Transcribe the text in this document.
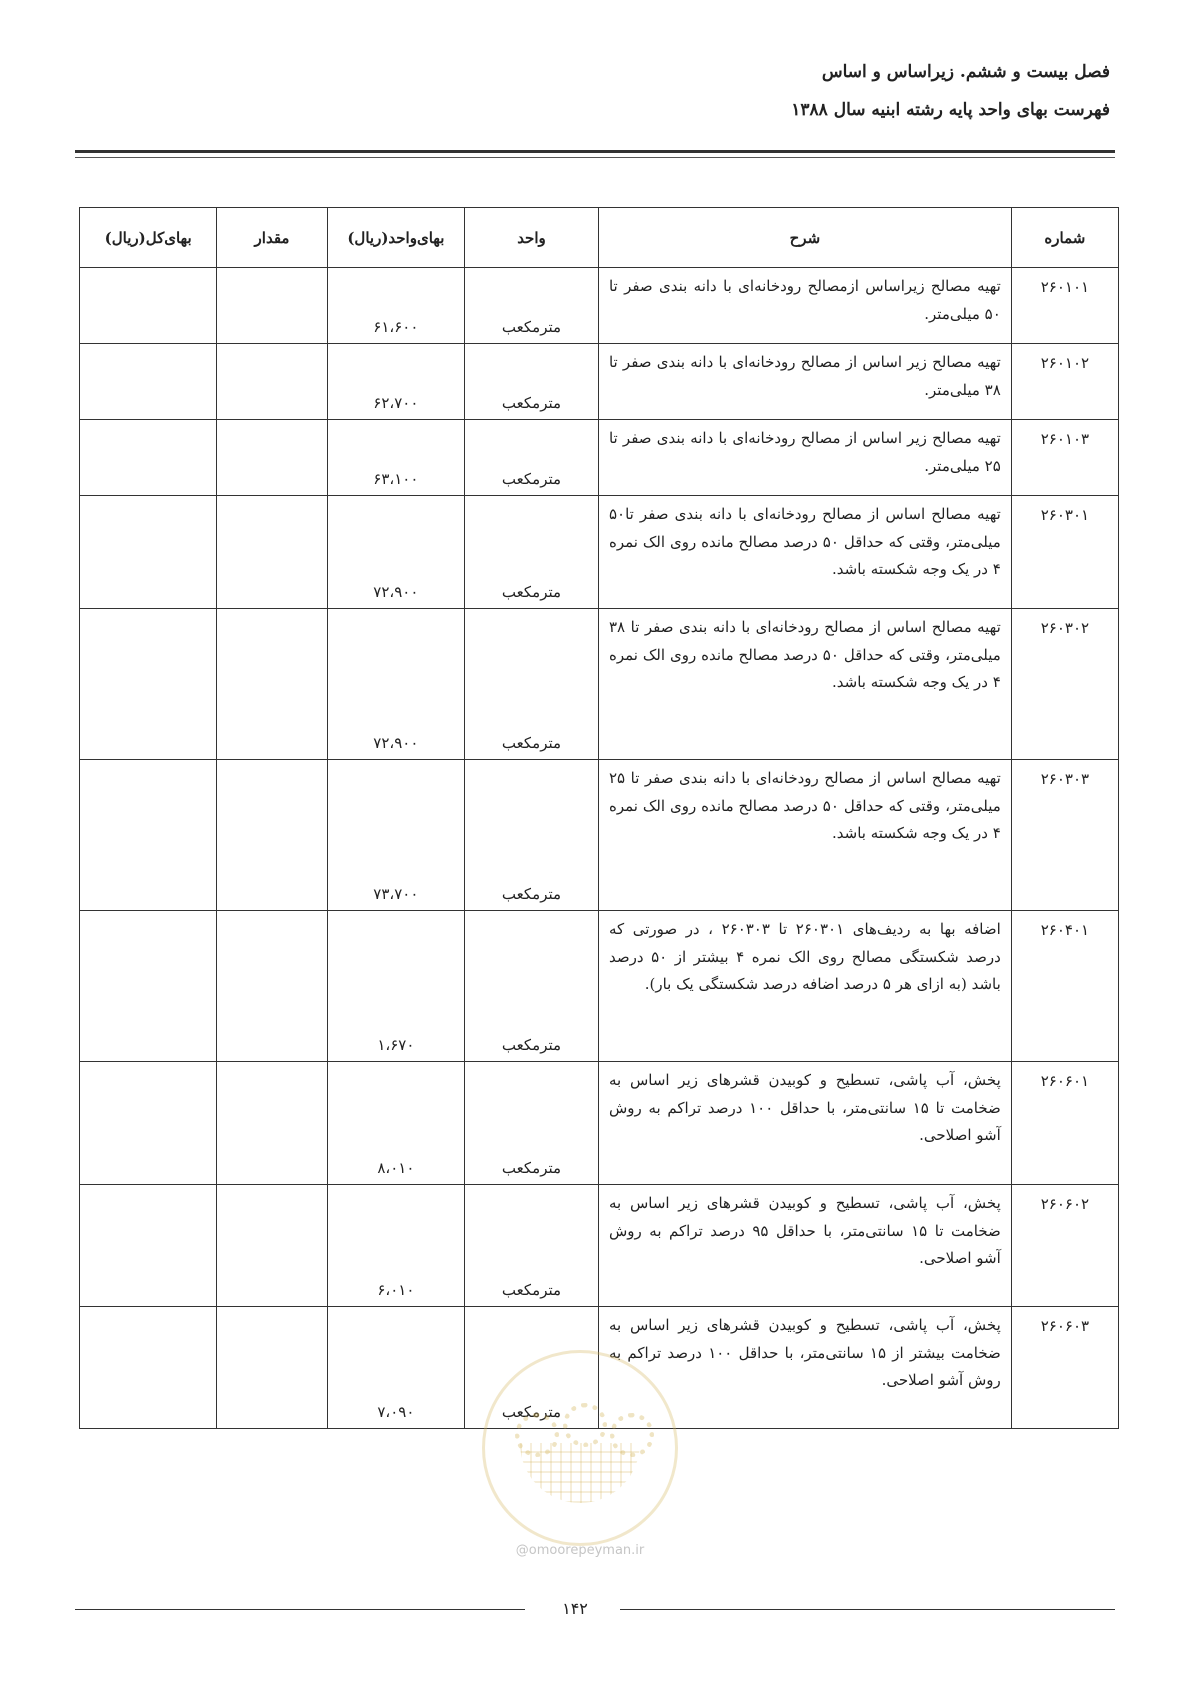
فصل بیست و ششم. زیراساس و اساس
فهرست بهای واحد پایه رشته ابنیه سال ۱۳۸۸
شماره	شرح	واحد	بهای‌واحد(ریال)	مقدار	بهای‌کل(ریال)
۲۶۰۱۰۱	تهیه مصالح زیراساس ازمصالح رودخانه‌ای با دانه بندی صفر تا ۵۰ میلی‌متر.	مترمکعب	۶۱،۶۰۰		
۲۶۰۱۰۲	تهیه مصالح زیر اساس از مصالح رودخانه‌ای با دانه بندی صفر تا ۳۸ میلی‌متر.	مترمکعب	۶۲،۷۰۰		
۲۶۰۱۰۳	تهیه مصالح زیر اساس از مصالح رودخانه‌ای با دانه بندی صفر تا ۲۵ میلی‌متر.	مترمکعب	۶۳،۱۰۰		
۲۶۰۳۰۱	تهیه مصالح اساس از مصالح رودخانه‌ای با دانه بندی صفر تا۵۰ میلی‌متر، وقتی که حداقل ۵۰ درصد مصالح مانده روی الک نمره ۴ در یک وجه شکسته باشد.	مترمکعب	۷۲،۹۰۰		
۲۶۰۳۰۲	تهیه مصالح اساس از مصالح رودخانه‌ای با دانه بندی صفر تا ۳۸ میلی‌متر، وقتی که حداقل ۵۰ درصد مصالح مانده روی الک نمره ۴ در یک وجه شکسته باشد.	مترمکعب	۷۲،۹۰۰		
۲۶۰۳۰۳	تهیه مصالح اساس از مصالح رودخانه‌ای با دانه بندی صفر تا ۲۵ میلی‌متر، وقتی که حداقل ۵۰ درصد مصالح مانده روی الک نمره ۴ در یک وجه شکسته باشد.	مترمکعب	۷۳،۷۰۰		
۲۶۰۴۰۱	اضافه بها به ردیف‌های ۲۶۰۳۰۱ تا ۲۶۰۳۰۳ ، در صورتی که درصد شکستگی مصالح روی الک نمره ۴ بیشتر از ۵۰ درصد باشد (به ازای هر ۵ درصد اضافه درصد شکستگی یک بار).	مترمکعب	۱،۶۷۰		
۲۶۰۶۰۱	پخش، آب پاشی، تسطیح و کوبیدن قشرهای زیر اساس به ضخامت تا ۱۵ سانتی‌متر، با حداقل ۱۰۰ درصد تراکم به روش آشو اصلاحی.	مترمکعب	۸،۰۱۰		
۲۶۰۶۰۲	پخش، آب پاشی، تسطیح و کوبیدن قشرهای زیر اساس به ضخامت تا ۱۵ سانتی‌متر، با حداقل ۹۵ درصد تراکم به روش آشو اصلاحی.	مترمکعب	۶،۰۱۰		
۲۶۰۶۰۳	پخش، آب پاشی، تسطیح و کوبیدن قشرهای زیر اساس به ضخامت بیشتر از ۱۵ سانتی‌متر، با حداقل ۱۰۰ درصد تراکم به روش آشو اصلاحی.	مترمکعب	۷،۰۹۰		
@omoorepeyman.ir
۱۴۲
